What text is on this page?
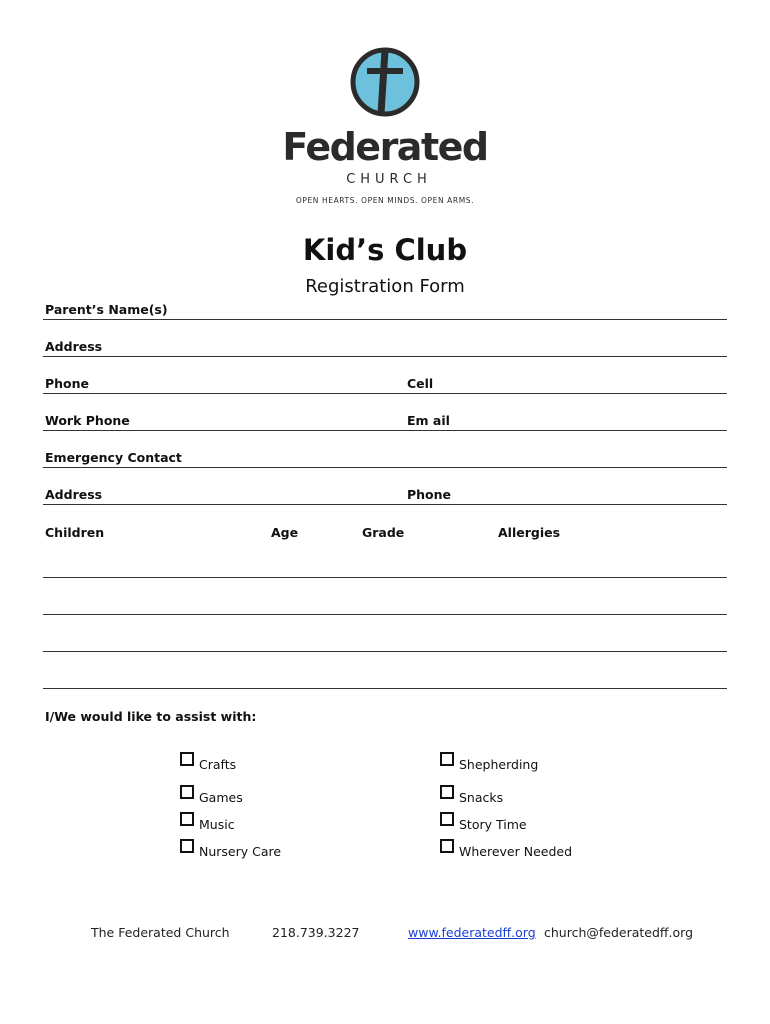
Federated
CHURCH
OPEN HEARTS. OPEN MINDS. OPEN ARMS.
Kid’s Club
Registration Form
Parent’s Name(s)
Address
Phone	Cell
Work Phone	Em ail
Emergency Contact
Address	Phone
Children	Age	Grade	Allergies
I/We would like to assist with:
Crafts	Shepherding
Games	Snacks
Music	Story Time
Nursery Care	Wherever Needed
The Federated Church	218.739.3227	www.federatedff.org church@federatedff.org
